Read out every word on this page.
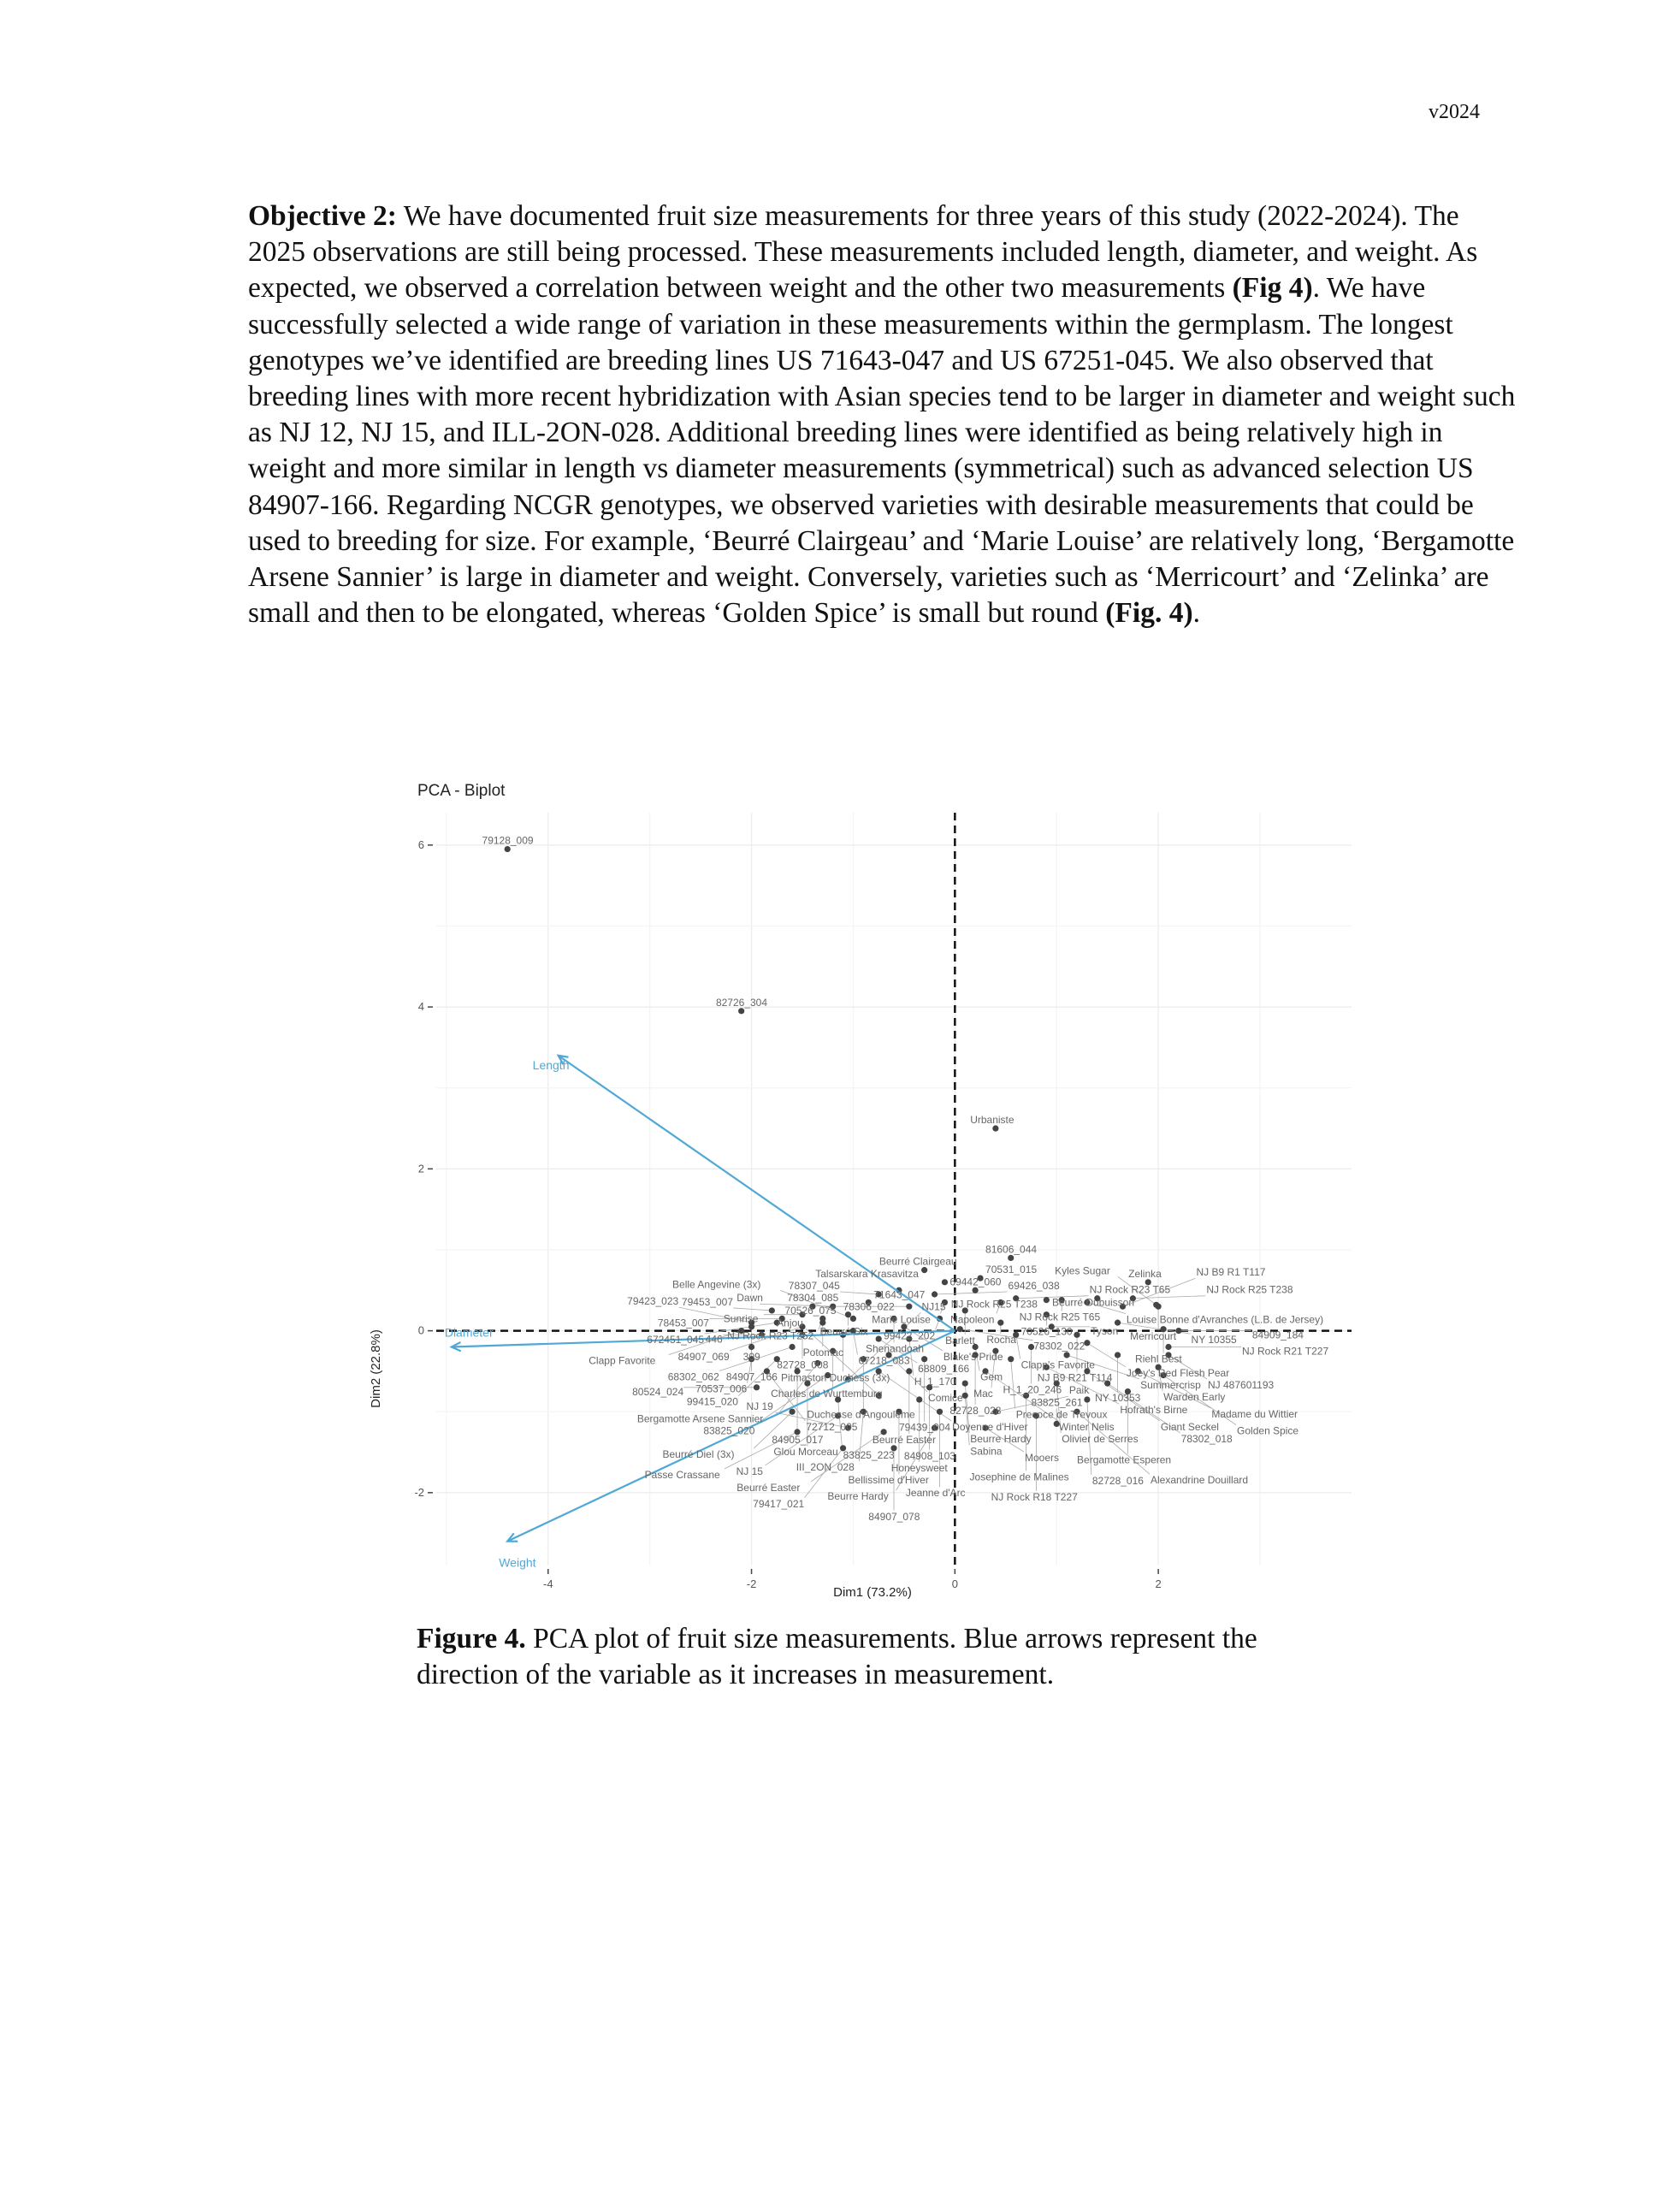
v2024
Objective 2: We have documented fruit size measurements for three years of this study (2022-2024). The 2025 observations are still being processed. These measurements included length, diameter, and weight. As expected, we observed a correlation between weight and the other two measurements (Fig 4). We have successfully selected a wide range of variation in these measurements within the germplasm. The longest genotypes we’ve identified are breeding lines US 71643-047 and US 67251-045. We also observed that breeding lines with more recent hybridization with Asian species tend to be larger in diameter and weight such as NJ 12, NJ 15, and ILL-2ON-028. Additional breeding lines were identified as being relatively high in weight and more similar in length vs diameter measurements (symmetrical) such as advanced selection US 84907-166. Regarding NCGR genotypes, we observed varieties with desirable measurements that could be used to breeding for size. For example, ‘Beurré Clairgeau’ and ‘Marie Louise’ are relatively long, ‘Bergamotte Arsene Sannier’ is large in diameter and weight. Conversely, varieties such as ‘Merricourt’ and ‘Zelinka’ are small and then to be elongated, whereas ‘Golden Spice’ is small but round (Fig. 4).
Length
Diameter
Weight
79128_009
82726_304
Urbaniste
81606_044
Beurré Clairgeau
70531_015
Talsarskara Krasavitza	Zelinka
69442_060
71643_047
78307_045	69426_038	NJ Rock R23 T65
Beurré Dubuisson
NJ Rock R25 T238
NJ Rock R25 T238
NJ Rock R25 T65	Louise Bonne d'Avranches (L.B. de Jersey)
78306_022
Napoleon
Marie Louise
Kyles Sugar
78304_085
Dawn
NJ B9 R1 T117
Merricourt
70526_075
79453_007
Barlett
Sunrise
Beurré Six	70526_130
78453_007
NJ Rock R23 T252
Belle Angevine (3x)
Shenandoah
99422_202
79423_023
672451_045
Potomac
Rocha	NY 10355
309
Tyson
84907_069	Blake's Pride
78302_022
Riehl Best
84909_184
Clapp Favorite	67218_083
446
82728_008
Pitmaston Duchess (3x)
Clapp's Favorite
NJ B9 R21 T114
68809_166
H_1_170
Joey's Red Flesh Pear
84907_166
68302_062	Gem
H_1_20_246
NJ Rock R21 T227
Charles de Wurttemburg	Mac
Comice
82728_028
Summercrisp
NY 10353
NJ 487601193
70537_006
99415_020
Duchesse d'Angouleme
79439_004
Precoce de Trevoux
Bergamotte Arsene Sannier
Hofrath's Birne
Warden Early
72712_005
84905_017
Doyenne d'Hiver
Beurré Easter
Winter Nelis	Giant Seckel
Madame du Wittier
83825_020	Golden Spice
NJ15
Glou Morceau
Beurre Hardy	Olivier de Serres	78302_018
80524_024
84908_103	Bergamotte Esperen
Anjou
Sabina
Josephine de Malines
83825_223
Honeysweet
82728_016
Beurré Diel (3x)
III_2ON_028
Bellissime d'Hiver
Jeanne d'Arc
Paik
Alexandrine Douillard
NJ 15
NJ Rock R18 T227
83825_261
NJ 19
Beurre Hardy
Mooers
Passe Crassane
Beurré Easter
79417_021
84907_078
-4	-2	0	2
-2
0
2
4
6
PCA - Biplot
Dim1 (73.2%)
Dim2 (22.8%)
Figure 4. PCA plot of fruit size measurements. Blue arrows represent the direction of the variable as it increases in measurement.
